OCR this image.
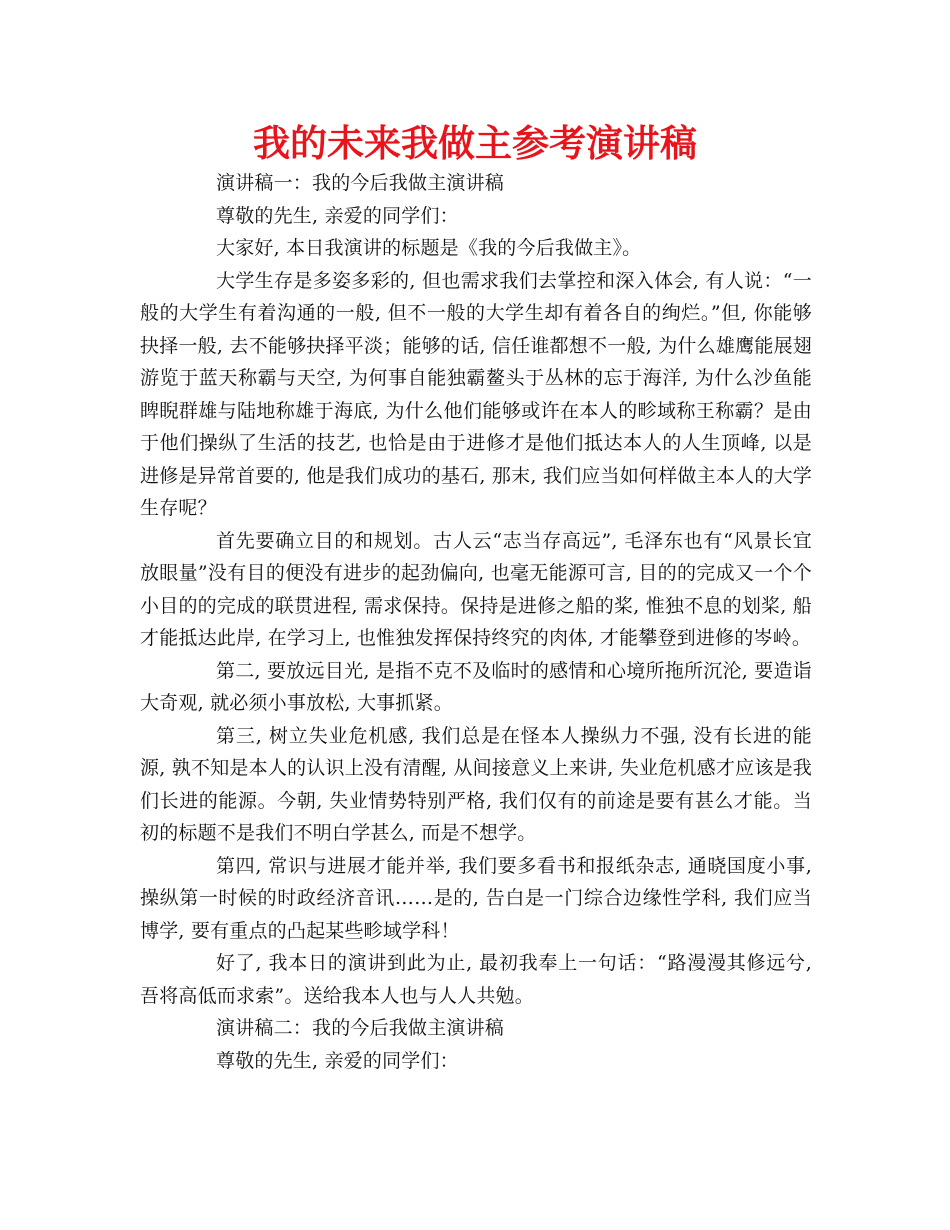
我的未来我做主参考演讲稿

演讲稿一：我的今后我做主演讲稿

尊敬的先生, 亲爱的同学们：

大家好, 本日我演讲的标题是《我的今后我做主》。

大学生存是多姿多彩的, 但也需求我们去掌控和深入体会, 有人说：“一般的大学生有着沟通的一般, 但不一般的大学生却有着各自的绚烂。”但, 你能够抉择一般, 去不能够抉择平淡；能够的话, 信任谁都想不一般, 为什么雄鹰能展翅游览于蓝天称霸与天空, 为何事自能独霸鳌头于丛林的忘于海洋, 为什么沙鱼能睥睨群雄与陆地称雄于海底, 为什么他们能够或许在本人的畛域称王称霸？是由于他们操纵了生活的技艺, 也恰是由于进修才是他们抵达本人的人生顶峰, 以是进修是异常首要的, 他是我们成功的基石, 那末, 我们应当如何样做主本人的大学生存呢？

首先要确立目的和规划。古人云“志当存高远”, 毛泽东也有“风景长宜放眼量”没有目的便没有进步的起劲偏向, 也毫无能源可言, 目的的完成又一个个小目的的完成的联贯进程, 需求保持。保持是进修之船的桨, 惟独不息的划桨, 船才能抵达此岸, 在学习上, 也惟独发挥保持终究的肉体, 才能攀登到进修的岑岭。

第二, 要放远目光, 是指不克不及临时的感情和心境所拖所沉沦, 要造诣大奇观, 就必须小事放松, 大事抓紧。

第三, 树立失业危机感, 我们总是在怪本人操纵力不强, 没有长进的能源, 孰不知是本人的认识上没有清醒, 从间接意义上来讲, 失业危机感才应该是我们长进的能源。今朝, 失业情势特别严格, 我们仅有的前途是要有甚么才能。当初的标题不是我们不明白学甚么, 而是不想学。

第四, 常识与进展才能并举, 我们要多看书和报纸杂志, 通晓国度小事, 操纵第一时候的时政经济音讯……是的, 告白是一门综合边缘性学科, 我们应当博学, 要有重点的凸起某些畛域学科！

好了, 我本日的演讲到此为止, 最初我奉上一句话：“路漫漫其修远兮, 吾将高低而求索”。送给我本人也与人人共勉。

演讲稿二：我的今后我做主演讲稿

尊敬的先生, 亲爱的同学们：
